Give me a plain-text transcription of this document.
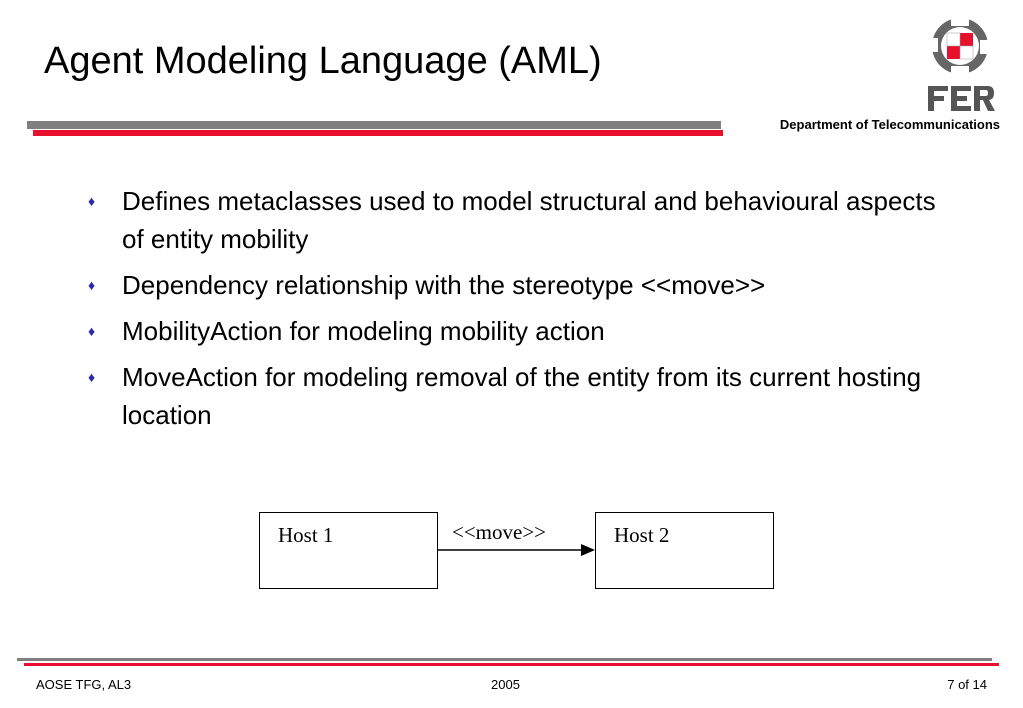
Agent Modeling Language (AML)
Department of Telecommunications
♦ Defines metaclasses used to model structural and behavioural aspects of entity mobility
♦ Dependency relationship with the stereotype <<move>>
♦ MobilityAction for modeling mobility action
♦ MoveAction for modeling removal of the entity from its current hosting location
Host 1	Host 2
<<move>>
AOSE TFG, AL3	2005	7 of 14
